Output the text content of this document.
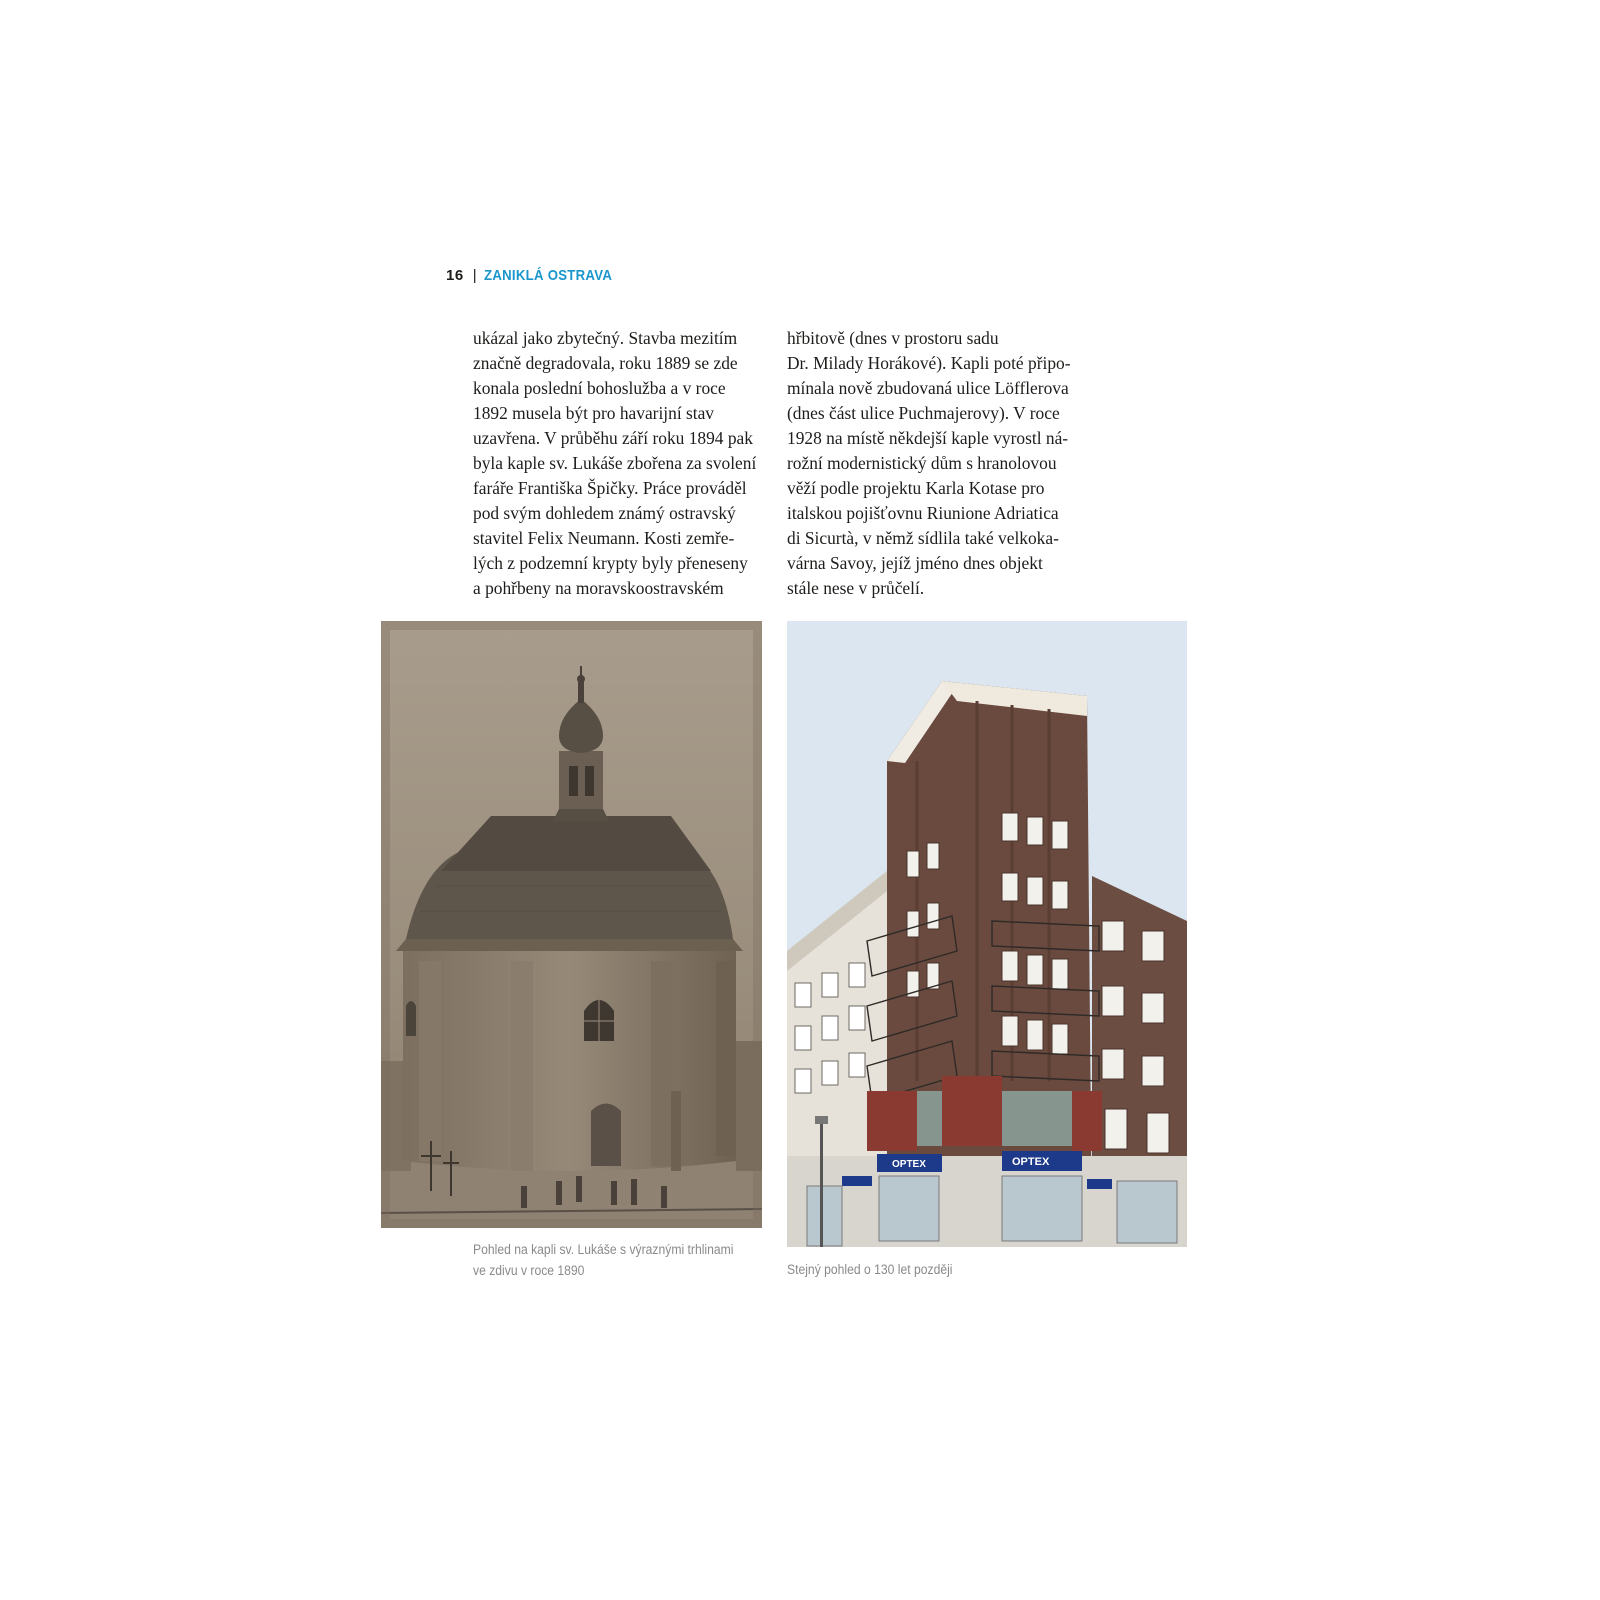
16 | ZANIKLÁ OSTRAVA
ukázal jako zbytečný. Stavba mezitím
značně degradovala, roku 1889 se zde
konala poslední bohoslužba a v roce
1892 musela být pro havarijní stav
uzavřena. V průběhu září roku 1894 pak
byla kaple sv. Lukáše zbořena za svolení
faráře Františka Špičky. Práce prováděl
pod svým dohledem známý ostravský
stavitel Felix Neumann. Kosti zemře-
lých z podzemní krypty byly přeneseny
a pohřbeny na moravskoostravském
hřbitově (dnes v prostoru sadu
Dr. Milady Horákové). Kapli poté připo-
mínala nově zbudovaná ulice Löfflerova
(dnes část ulice Puchmajerovy). V roce
1928 na místě někdejší kaple vyrostl ná-
rožní modernistický dům s hranolovou
věží podle projektu Karla Kotase pro
italskou pojišťovnu Riunione Adriatica
di Sicurtà, v němž sídlila také velkoka-
várna Savoy, jejíž jméno dnes objekt
stále nese v průčelí.
OPTEX	OPTEX
Pohled na kapli sv. Lukáše s výraznými trhlinami
ve zdivu v roce 1890	Stejný pohled o 130 let později
